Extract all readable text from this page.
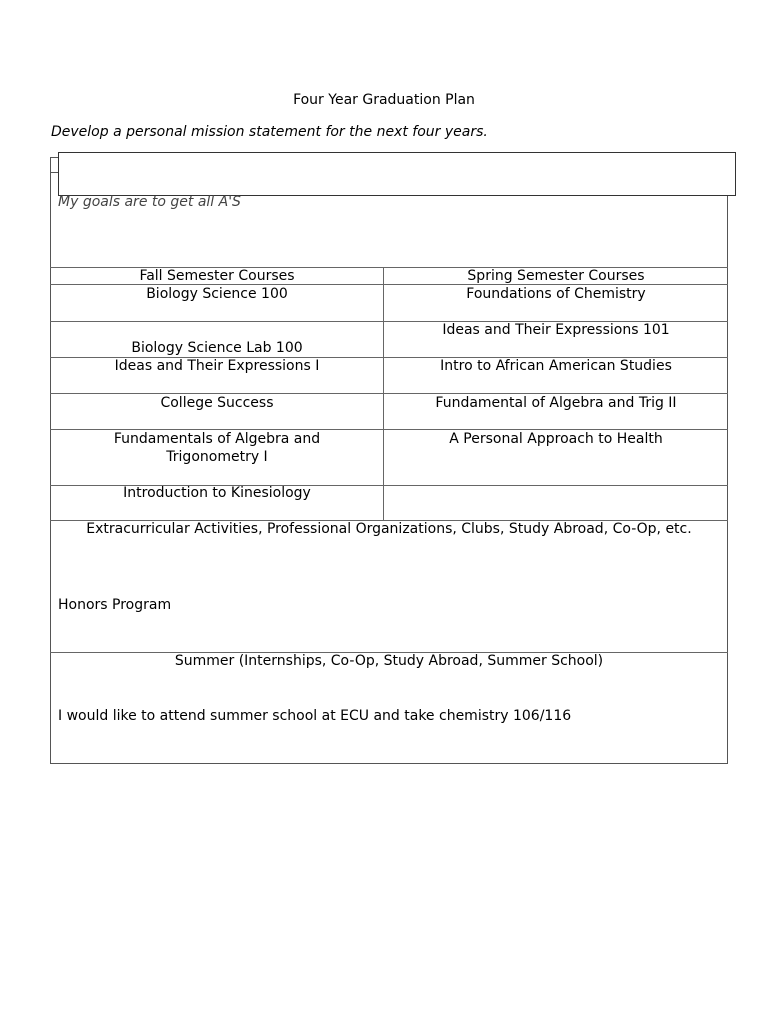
Four Year Graduation Plan
Develop a personal mission statement for the next four years.
My goals are to get all A'S
Fall Semester Courses	Spring Semester Courses
Biology Science 100
Biology Science Lab 100
Ideas and Their Expressions I
College Success
Fundamentals of Algebra and Trigonometry I
Introduction to Kinesiology
Foundations of Chemistry
Ideas and Their Expressions 101
Intro to African American Studies
Fundamental of Algebra and Trig II
A Personal Approach to Health
Extracurricular Activities, Professional Organizations, Clubs, Study Abroad, Co-Op, etc.
Honors Program
Summer (Internships, Co-Op, Study Abroad, Summer School)
I would like to attend summer school at ECU and take chemistry 106/116
